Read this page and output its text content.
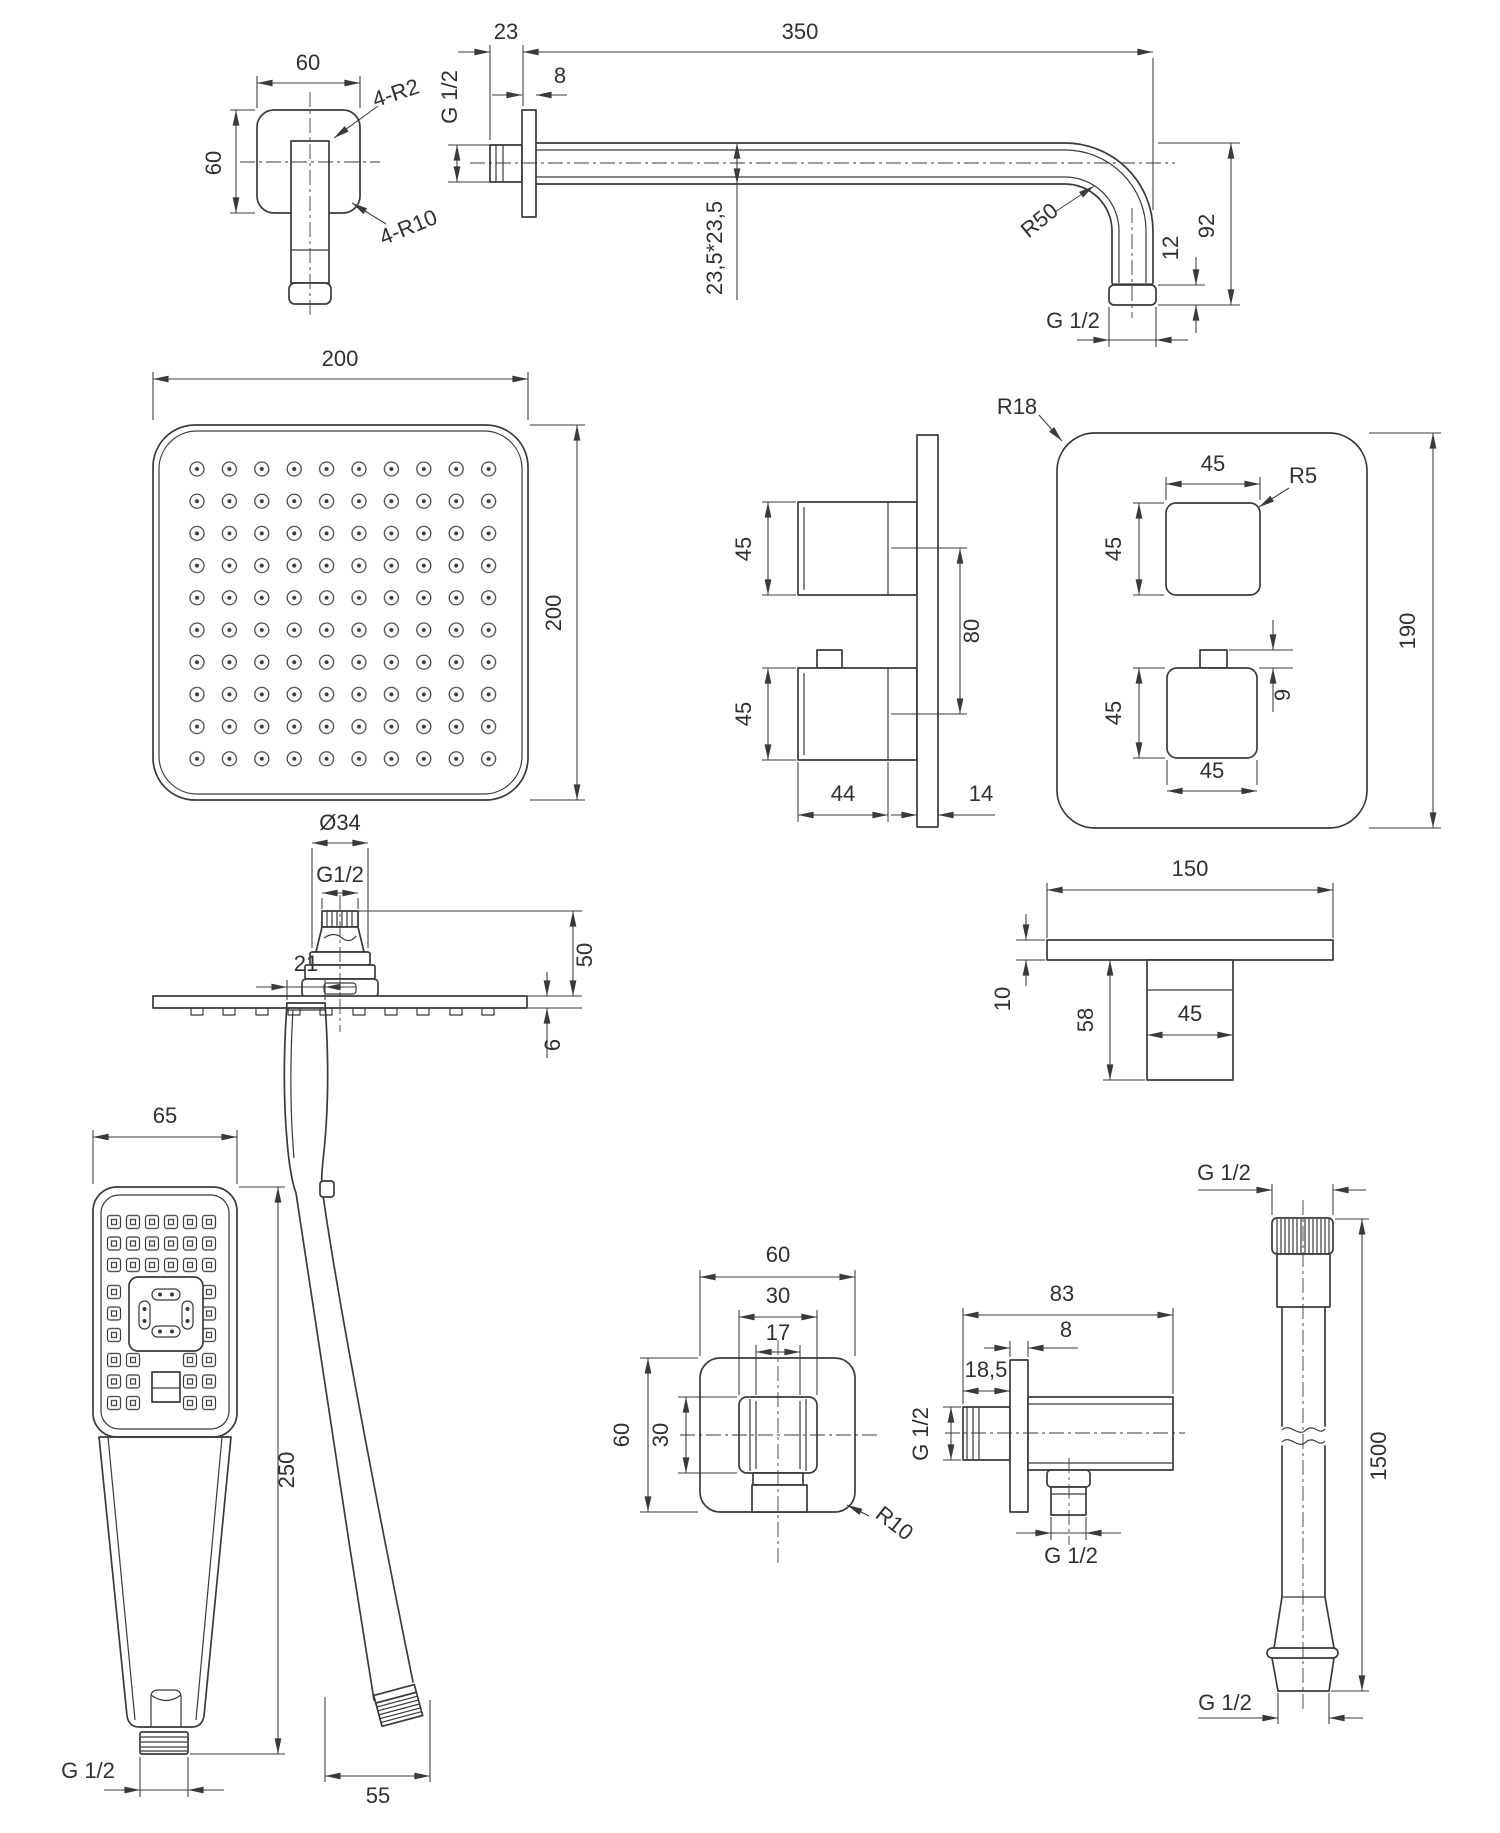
60
60
4-R2
4-R10
23	350
8
G 1/2
23,5*23,5	R50	92
12
G 1/2
200
200
Ø34
G1/2
50
6
45
45
80
44	14
R18
45	R5
45
45
9
45
190
150
10
58	45
65
250
G 1/2
21
55
60
30
17
60 30
R10
83
8
18,5
G 1/2
G 1/2
G 1/2
1500
G 1/2
